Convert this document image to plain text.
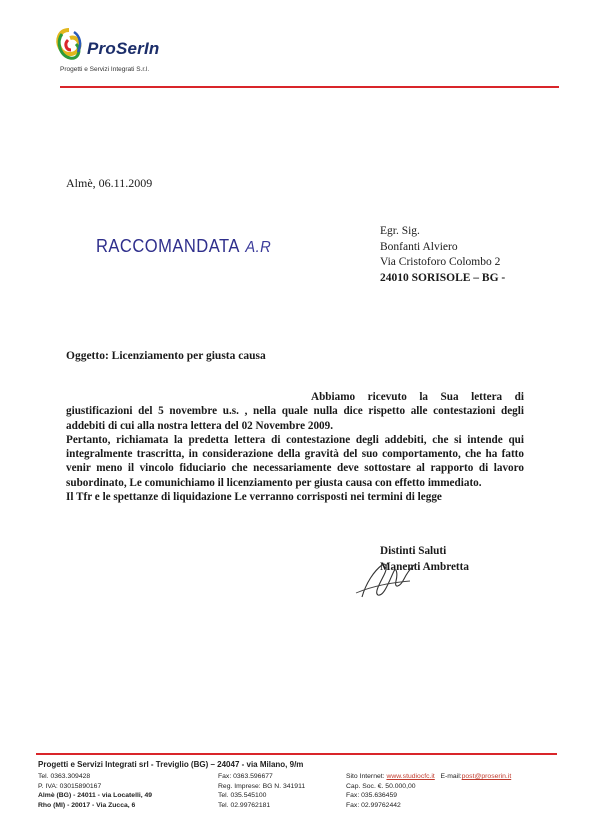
ProSerIn
Progetti e Servizi Integrati S.r.l.
Almè, 06.11.2009
RACCOMANDATA A.R
Egr. Sig.
Bonfanti Alviero
Via Cristoforo Colombo 2
24010 SORISOLE – BG -
Oggetto: Licenziamento per giusta causa

Abbiamo ricevuto la Sua lettera di giustificazioni del 5 novembre u.s. , nella quale nulla dice rispetto alle contestazioni degli addebiti di cui alla nostra lettera del 02 Novembre 2009.

Pertanto, richiamata la predetta lettera di contestazione degli addebiti, che si intende qui integralmente trascritta, in considerazione della gravità del suo comportamento, che ha fatto venir meno il vincolo fiduciario che necessariamente deve sottostare al rapporto di lavoro subordinato, Le comunichiamo il licenziamento per giusta causa con effetto immediato.

Il Tfr e le spettanze di liquidazione Le verranno corrisposti nei termini di legge

Distinti Saluti
Manenti Ambretta
Progetti e Servizi Integrati srl - Treviglio (BG) – 24047 - via Milano, 9/m
Tel. 0363.309428
P. IVA: 03015890167
Almè (BG) - 24011 - via Locatelli, 49
Rho (MI) - 20017 - Via Zucca, 6
Fax: 0363.596677
Reg. Imprese: BG N. 341911
Tel. 035.545100
Tel. 02.99762181
Sito Internet: www.studiocfc.it E-mail:post@proserin.it
Cap. Soc. €. 50.000,00
Fax: 035.636459
Fax: 02.99762442
